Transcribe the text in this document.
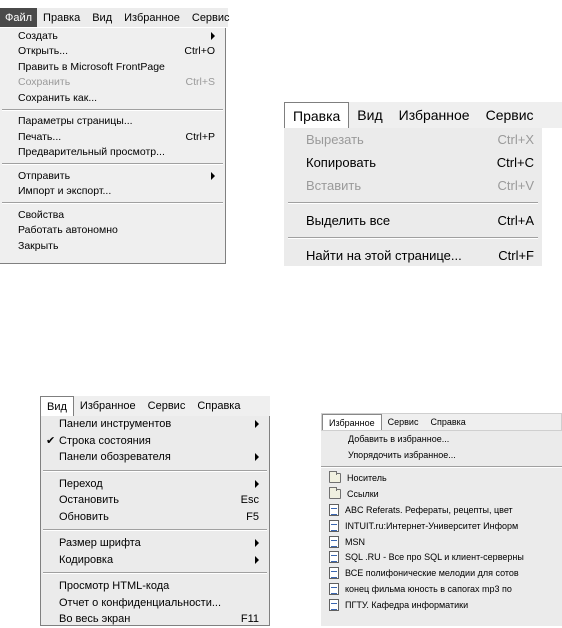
Файл	Правка	Вид	Избранное	Сервис
Создать
Открыть...	Ctrl+O
Править в Microsoft FrontPage
Сохранить	Ctrl+S
Сохранить как...
Параметры страницы...
Печать...	Ctrl+P
Предварительный просмотр...
Отправить
Импорт и экспорт...
Свойства
Работать автономно
Закрыть
Правка	Вид	Избранное	Сервис
Вырезать	Ctrl+X
Копировать	Ctrl+C
Вставить	Ctrl+V
Выделить все	Ctrl+A
Найти на этой странице...	Ctrl+F
Вид	Избранное	Сервис	Справка
Панели инструментов
✔ Строка состояния
Панели обозревателя
Переход
Остановить	Esc
Обновить	F5
Размер шрифта
Кодировка
Просмотр HTML-кода
Отчет о конфиденциальности...
Во весь экран	F11
Избранное	Сервис	Справка
Добавить в избранное...
Упорядочить избранное...
Носитель
Ссылки
ABC Referats. Рефераты, рецепты, цвет
INTUIT.ru:Интернет-Университет Информ
MSN
SQL .RU - Все про SQL и клиент-серверны
ВСЕ полифонические мелодии для сотов
конец фильма юность в сапогах mp3 по
ПГТУ. Кафедра информатики
